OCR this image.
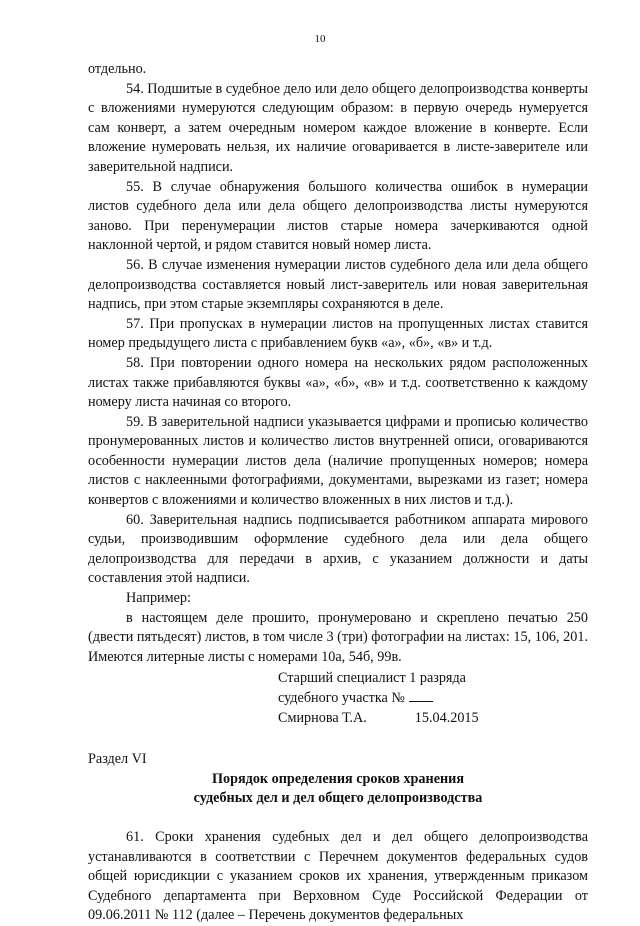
10

отдельно.

54. Подшитые в судебное дело или дело общего делопроизводства конверты с вложениями нумеруются следующим образом: в первую очередь нумеруется сам конверт, а затем очередным номером каждое вложение в конверте. Если вложение нумеровать нельзя, их наличие оговаривается в листе-заверителе или заверительной надписи.

55. В случае обнаружения большого количества ошибок в нумерации листов судебного дела или дела общего делопроизводства листы нумеруются заново. При перенумерации листов старые номера зачеркиваются одной наклонной чертой, и рядом ставится новый номер листа.

56. В случае изменения нумерации листов судебного дела или дела общего делопроизводства составляется новый лист-заверитель или новая заверительная надпись, при этом старые экземпляры сохраняются в деле.

57. При пропусках в нумерации листов на пропущенных листах ставится номер предыдущего листа с прибавлением букв «а», «б», «в» и т.д.

58. При повторении одного номера на нескольких рядом расположенных листах также прибавляются буквы «а», «б», «в» и т.д. соответственно к каждому номеру листа начиная со второго.

59. В заверительной надписи указывается цифрами и прописью количество пронумерованных листов и количество листов внутренней описи, оговариваются особенности нумерации листов дела (наличие пропущенных номеров; номера листов с наклеенными фотографиями, документами, вырезками из газет; номера конвертов с вложениями и количество вложенных в них листов и т.д.).

60. Заверительная надпись подписывается работником аппарата мирового судьи, производившим оформление судебного дела или дела общего делопроизводства для передачи в архив, с указанием должности и даты составления этой надписи.

Например:

в настоящем деле прошито, пронумеровано и скреплено печатью 250 (двести пятьдесят) листов, в том числе 3 (три) фотографии на листах: 15, 106, 201. Имеются литерные листы с номерами 10а, 54б, 99в.

Старший специалист 1 разряда

судебного участка №

Смирнова Т.А.	15.04.2015

Раздел VI

Порядок определения сроков хранения

судебных дел и дел общего делопроизводства

61. Сроки хранения судебных дел и дел общего делопроизводства устанавливаются в соответствии с Перечнем документов федеральных судов общей юрисдикции с указанием сроков их хранения, утвержденным приказом Судебного департамента при Верховном Суде Российской Федерации от 09.06.2011 № 112 (далее – Перечень документов федеральных
